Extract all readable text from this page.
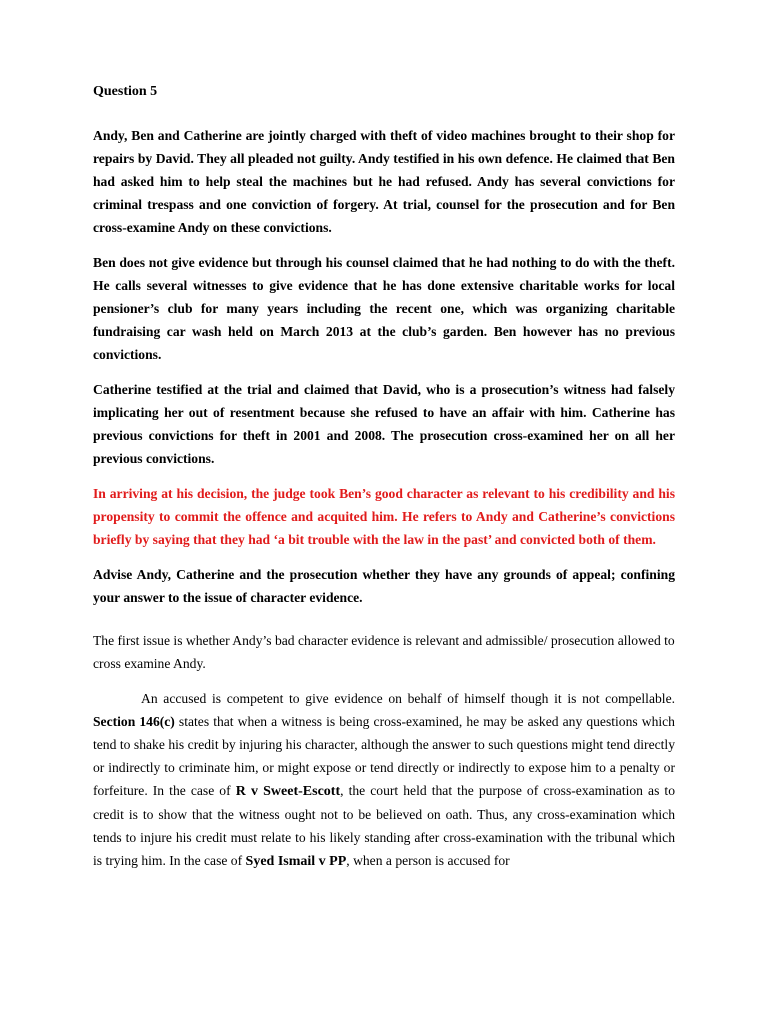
Question 5

Andy, Ben and Catherine are jointly charged with theft of video machines brought to their shop for repairs by David. They all pleaded not guilty. Andy testified in his own defence. He claimed that Ben had asked him to help steal the machines but he had refused. Andy has several convictions for criminal trespass and one conviction of forgery. At trial, counsel for the prosecution and for Ben cross-examine Andy on these convictions.

Ben does not give evidence but through his counsel claimed that he had nothing to do with the theft. He calls several witnesses to give evidence that he has done extensive charitable works for local pensioner’s club for many years including the recent one, which was organizing charitable fundraising car wash held on March 2013 at the club’s garden. Ben however has no previous convictions.

Catherine testified at the trial and claimed that David, who is a prosecution’s witness had falsely implicating her out of resentment because she refused to have an affair with him. Catherine has previous convictions for theft in 2001 and 2008. The prosecution cross-examined her on all her previous convictions.

In arriving at his decision, the judge took Ben’s good character as relevant to his credibility and his propensity to commit the offence and acquited him. He refers to Andy and Catherine’s convictions briefly by saying that they had ‘a bit trouble with the law in the past’ and convicted both of them.

Advise Andy, Catherine and the prosecution whether they have any grounds of appeal; confining your answer to the issue of character evidence.

The first issue is whether Andy’s bad character evidence is relevant and admissible/ prosecution allowed to cross examine Andy.

An accused is competent to give evidence on behalf of himself though it is not compellable. Section 146(c) states that when a witness is being cross-examined, he may be asked any questions which tend to shake his credit by injuring his character, although the answer to such questions might tend directly or indirectly to criminate him, or might expose or tend directly or indirectly to expose him to a penalty or forfeiture. In the case of R v Sweet-Escott, the court held that the purpose of cross-examination as to credit is to show that the witness ought not to be believed on oath. Thus, any cross-examination which tends to injure his credit must relate to his likely standing after cross-examination with the tribunal which is trying him. In the case of Syed Ismail v PP, when a person is accused for
